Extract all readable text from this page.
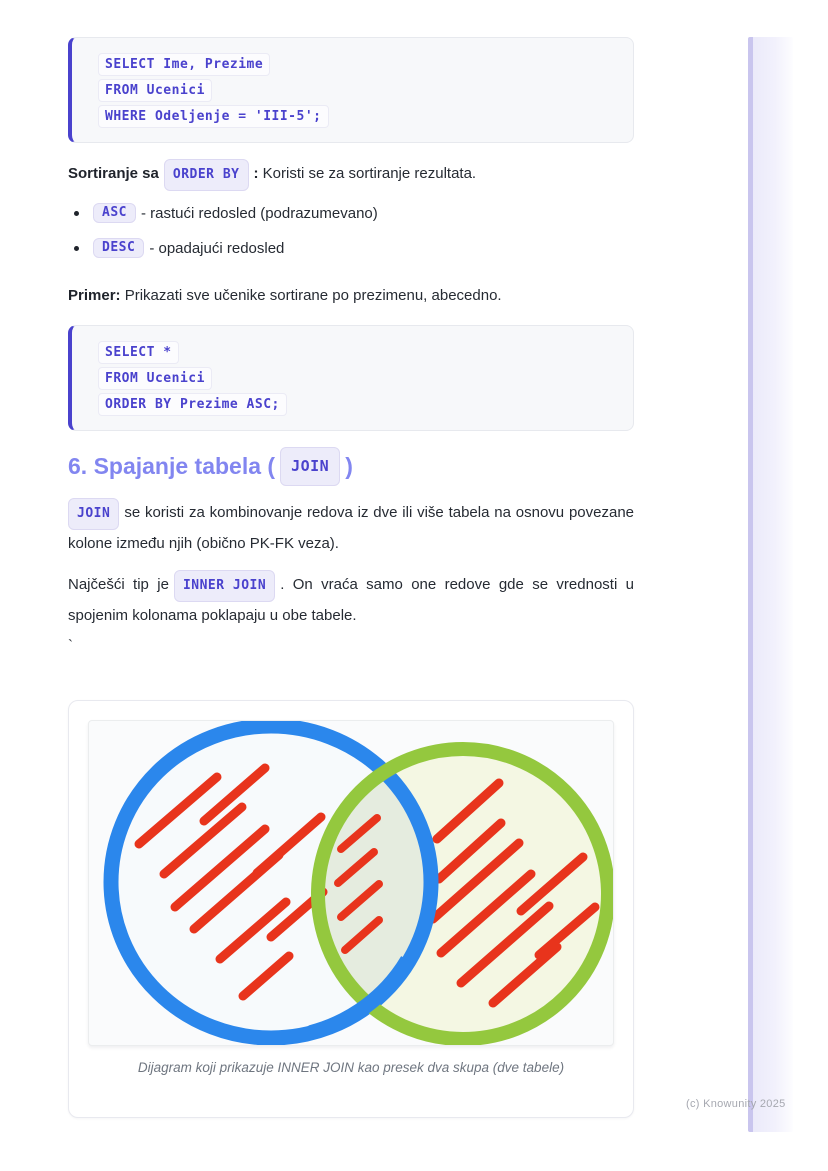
SELECT Ime, Prezime
FROM Ucenici
WHERE Odeljenje = 'III-5';
Sortiranje sa ORDER BY : Koristi se za sortiranje rezultata.
ASC - rastući redosled (podrazumevano)
DESC - opadajući redosled
Primer: Prikazati sve učenike sortirane po prezimenu, abecedno.
SELECT *
FROM Ucenici
ORDER BY Prezime ASC;
6. Spajanje tabela ( JOIN )
JOIN se koristi za kombinovanje redova iz dve ili više tabela na osnovu povezane kolone između njih (obično PK-FK veza).
Najčešći tip je INNER JOIN . On vraća samo one redove gde se vrednosti u spojenim kolonama poklapaju u obe tabele.
`
Dijagram koji prikazuje INNER JOIN kao presek dva skupa (dve tabele)
(c) Knowunity 2025
